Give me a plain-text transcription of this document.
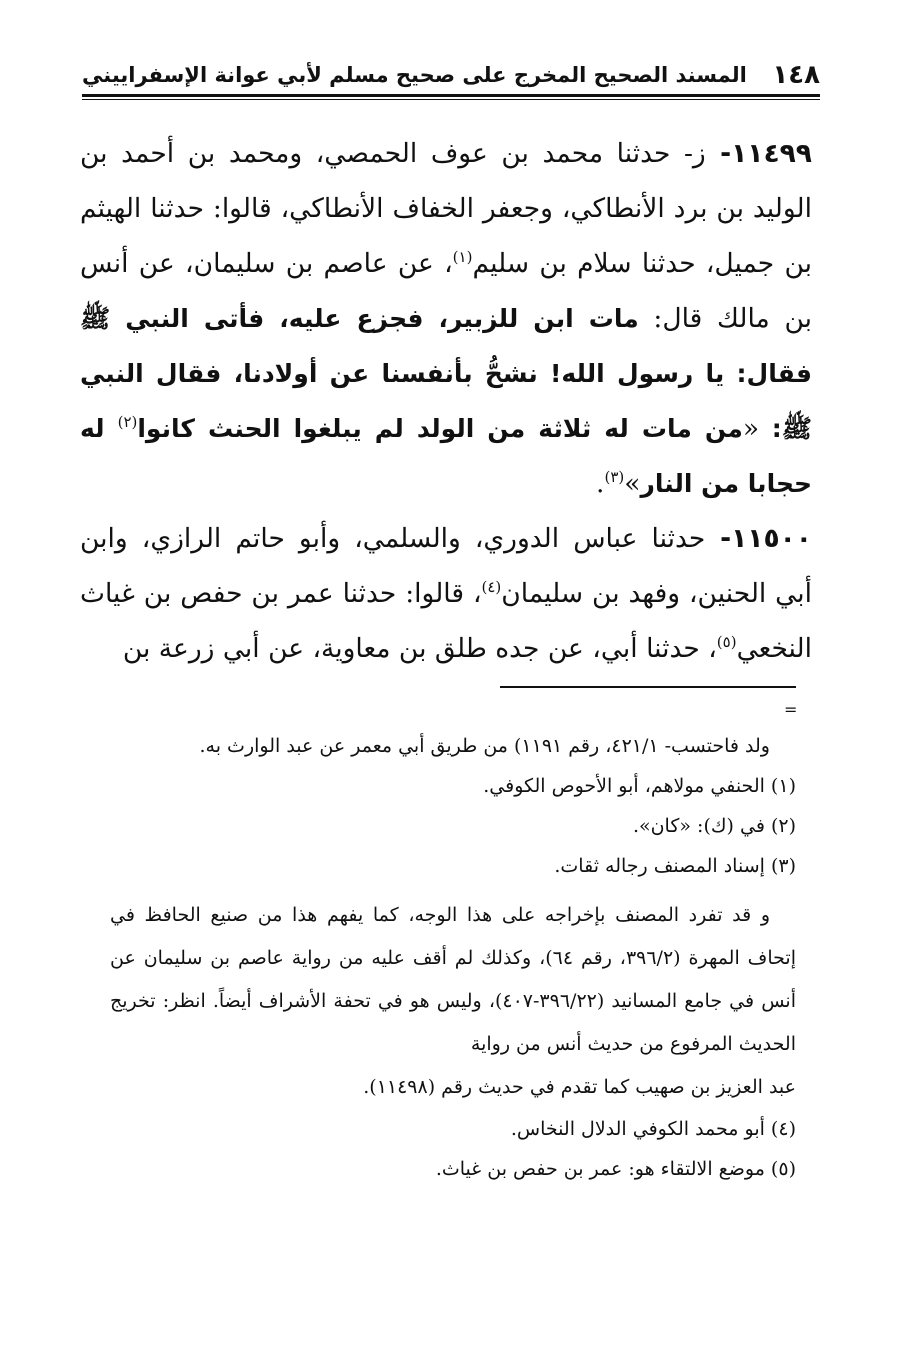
١٤٨
المسند الصحيح المخرج على صحيح مسلم لأبي عوانة الإسفراييني

١١٤٩٩- ز- حدثنا محمد بن عوف الحمصي، ومحمد بن أحمد بن الوليد بن برد الأنطاكي، وجعفر الخفاف الأنطاكي، قالوا: حدثنا الهيثم بن جميل، حدثنا سلام بن سليم$^{(١)}$، عن عاصم بن سليمان، عن أنس بن مالك قال: مات ابن للزبير، فجزع عليه، فأتى النبي ﷺ فقال: يا رسول الله! نشحُّ بأنفسنا عن أولادنا، فقال النبي ﷺ: «من مات له ثلاثة من الولد لم يبلغوا الحنث كانوا$^{(٢)}$ له حجابا من النار»$^{(٣)}$.

١١٥٠٠- حدثنا عباس الدوري، والسلمي، وأبو حاتم الرازي، وابن أبي الحنين، وفهد بن سليمان$^{(٤)}$، قالوا: حدثنا عمر بن حفص بن غياث النخعي$^{(٥)}$، حدثنا أبي، عن جده طلق بن معاوية، عن أبي زرعة بن

=

ولد فاحتسب- ٤٢١/١، رقم ١١٩١) من طريق أبي معمر عن عبد الوارث به.

(١) الحنفي مولاهم، أبو الأحوص الكوفي.

(٢) في (ك): «كان».

(٣) إسناد المصنف رجاله ثقات.

و قد تفرد المصنف بإخراجه على هذا الوجه، كما يفهم هذا من صنيع الحافظ في إتحاف المهرة (٣٩٦/٢، رقم ٦٤)، وكذلك لم أقف عليه من رواية عاصم بن سليمان عن أنس في جامع المسانيد (٣٩٦/٢٢-٤٠٧)، وليس هو في تحفة الأشراف أيضاً. انظر: تخريج الحديث المرفوع من حديث أنس من رواية

عبد العزيز بن صهيب كما تقدم في حديث رقم (١١٤٩٨).

(٤) أبو محمد الكوفي الدلال النخاس.

(٥) موضع الالتقاء هو: عمر بن حفص بن غياث.
